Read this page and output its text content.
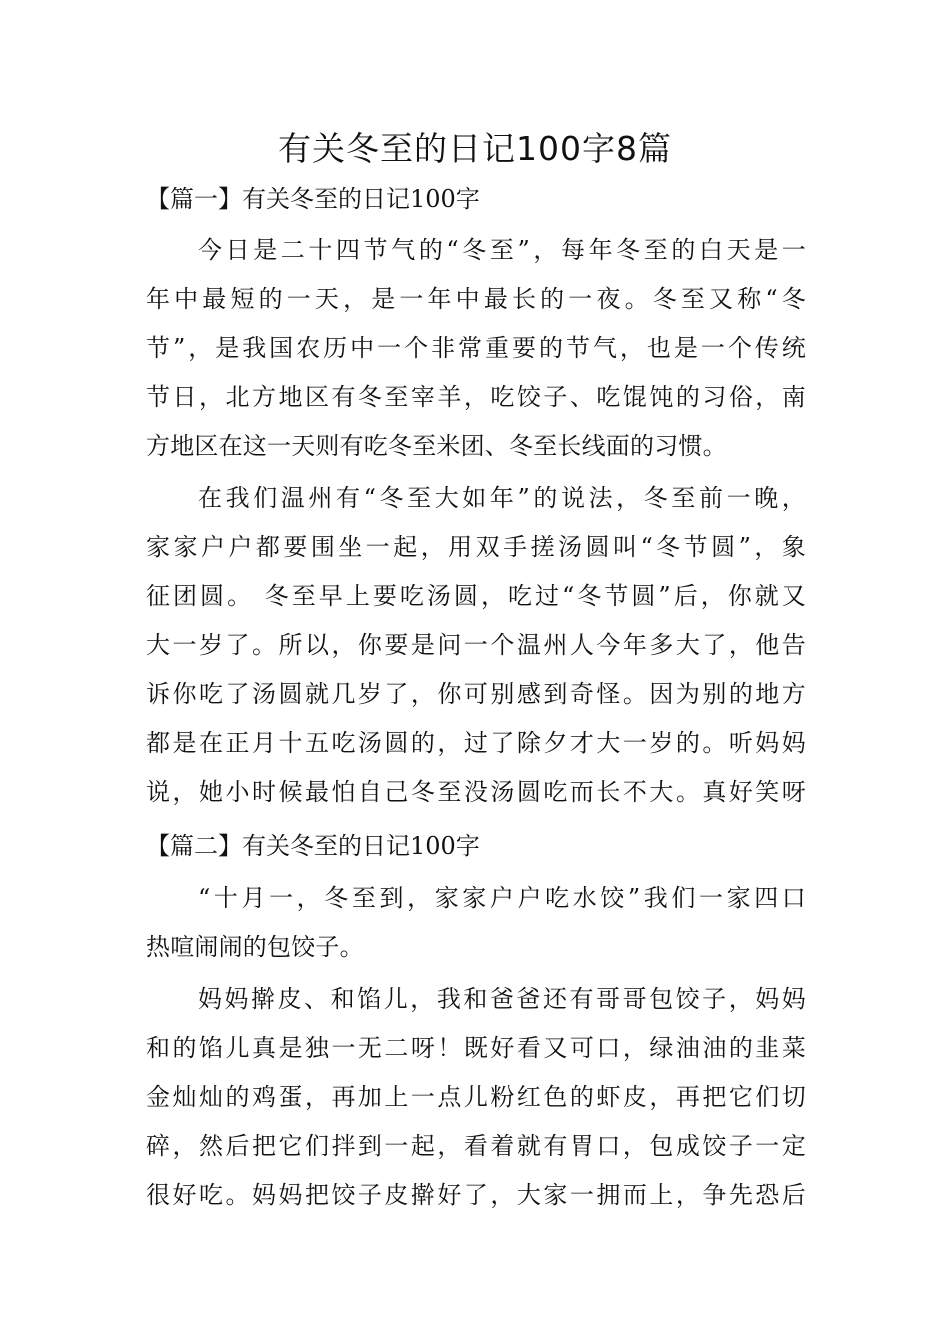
有关冬至的日记100字8篇
【篇一】有关冬至的日记100字
今日是二十四节气的“冬至”，每年冬至的白天是一
年中最短的一天，是一年中最长的一夜。冬至又称“冬
节”，是我国农历中一个非常重要的节气，也是一个传统
节日，北方地区有冬至宰羊，吃饺子、吃馄饨的习俗，南
方地区在这一天则有吃冬至米团、冬至长线面的习惯。
在我们温州有“冬至大如年”的说法，冬至前一晚，
家家户户都要围坐一起，用双手搓汤圆叫“冬节圆”，象
征团圆。 冬至早上要吃汤圆，吃过“冬节圆”后，你就又
大一岁了。所以，你要是问一个温州人今年多大了，他告
诉你吃了汤圆就几岁了，你可别感到奇怪。因为别的地方
都是在正月十五吃汤圆的，过了除夕才大一岁的。听妈妈
说，她小时候最怕自己冬至没汤圆吃而长不大。真好笑呀
【篇二】有关冬至的日记100字
“十月一，冬至到，家家户户吃水饺”我们一家四口
热喧闹闹的包饺子。
妈妈擀皮、和馅儿，我和爸爸还有哥哥包饺子，妈妈
和的馅儿真是独一无二呀！既好看又可口，绿油油的韭菜
金灿灿的鸡蛋，再加上一点儿粉红色的虾皮，再把它们切
碎，然后把它们拌到一起，看着就有胃口，包成饺子一定
很好吃。妈妈把饺子皮擀好了，大家一拥而上，争先恐后
